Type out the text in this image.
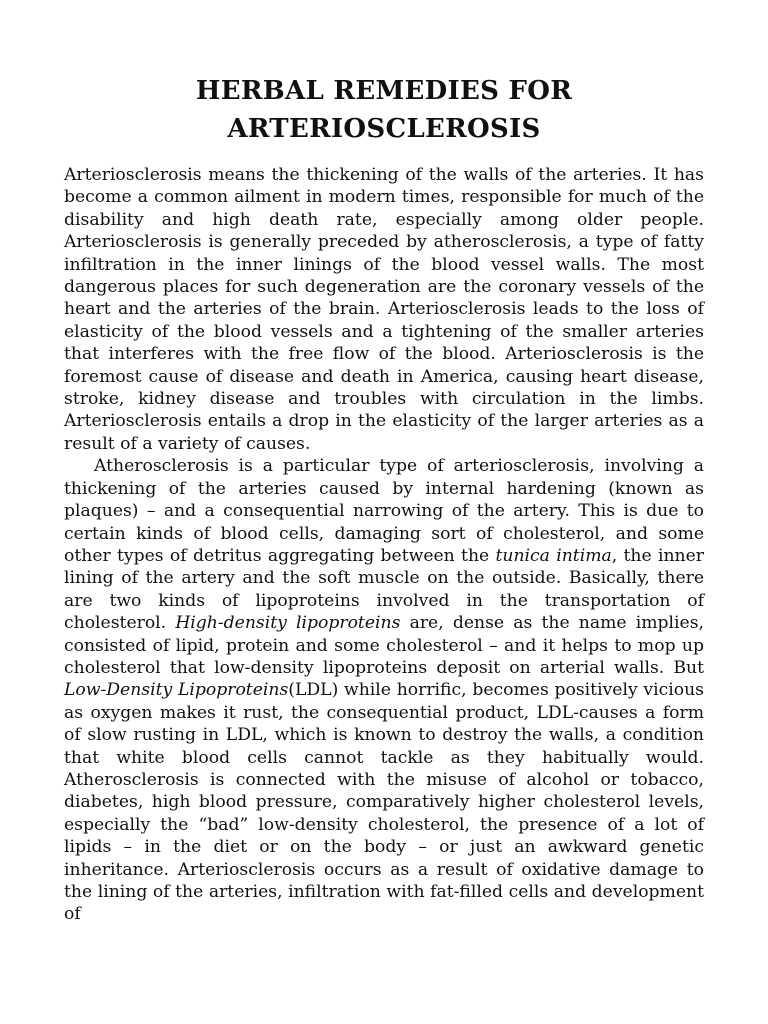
HERBAL REMEDIES FOR
ARTERIOSCLEROSIS

Arteriosclerosis means the thickening of the walls of the arteries. It has become a common ailment in modern times, responsible for much of the disability and high death rate, especially among older people. Arteriosclerosis is generally preceded by atherosclerosis, a type of fatty infiltration in the inner linings of the blood vessel walls. The most dangerous places for such degeneration are the coronary vessels of the heart and the arteries of the brain. Arteriosclerosis leads to the loss of elasticity of the blood vessels and a tightening of the smaller arteries that interferes with the free flow of the blood. Arteriosclerosis is the foremost cause of disease and death in America, causing heart disease, stroke, kidney disease and troubles with circulation in the limbs. Arteriosclerosis entails a drop in the elasticity of the larger arteries as a result of a variety of causes.

Atherosclerosis is a particular type of arteriosclerosis, involving a thickening of the arteries caused by internal hardening (known as plaques) – and a consequential narrowing of the artery. This is due to certain kinds of blood cells, damaging sort of cholesterol, and some other types of detritus aggregating between the tunica intima, the inner lining of the artery and the soft muscle on the outside. Basically, there are two kinds of lipoproteins involved in the transportation of cholesterol. High-density lipoproteins are, dense as the name implies, consisted of lipid, protein and some cholesterol – and it helps to mop up cholesterol that low-density lipoproteins deposit on arterial walls. But Low-Density Lipoproteins(LDL) while horrific, becomes positively vicious as oxygen makes it rust, the consequential product, LDL-causes a form of slow rusting in LDL, which is known to destroy the walls, a condition that white blood cells cannot tackle as they habitually would. Atherosclerosis is connected with the misuse of alcohol or tobacco, diabetes, high blood pressure, comparatively higher cholesterol levels, especially the “bad” low-density cholesterol, the presence of a lot of lipids – in the diet or on the body – or just an awkward genetic inheritance. Arteriosclerosis occurs as a result of oxidative damage to the lining of the arteries, infiltration with fat-filled cells and development of
